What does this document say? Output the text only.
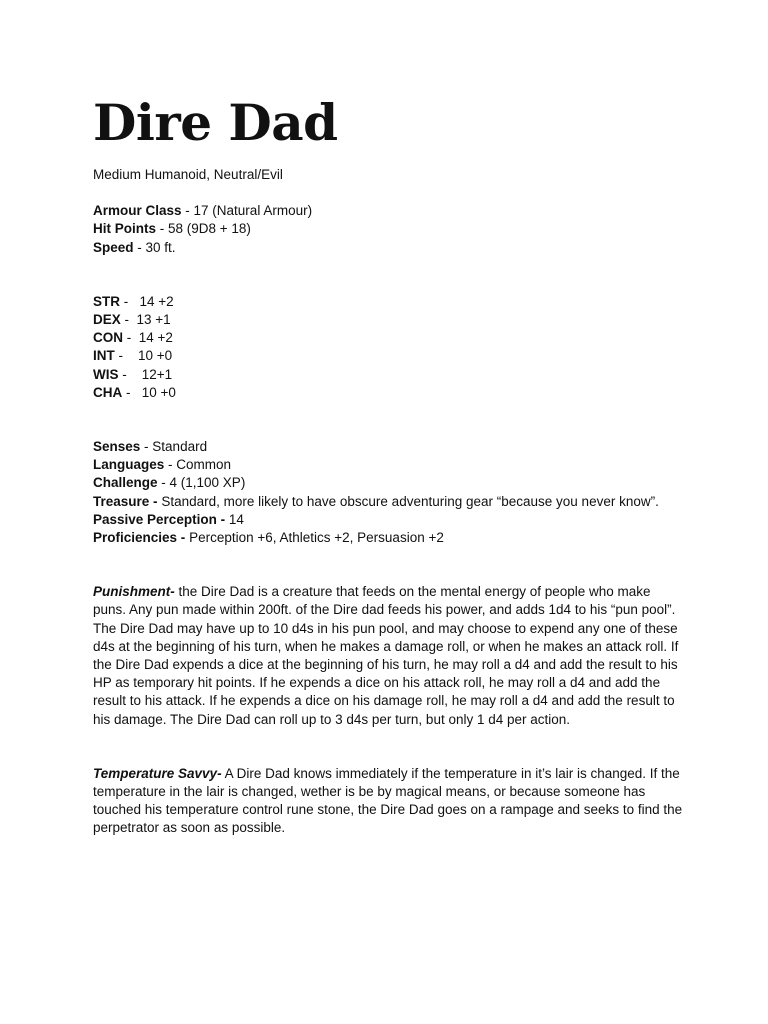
Dire Dad
Medium Humanoid, Neutral/Evil
Armour Class - 17 (Natural Armour)
Hit Points - 58 (9D8 + 18)
Speed - 30 ft.
STR -   14 +2
DEX -  13 +1
CON -  14 +2
INT -    10 +0
WIS -    12+1
CHA -   10 +0
Senses - Standard
Languages - Common
Challenge - 4 (1,100 XP)
Treasure - Standard, more likely to have obscure adventuring gear “because you never know”.
Passive Perception - 14
Proficiencies - Perception +6, Athletics +2, Persuasion +2

Punishment- the Dire Dad is a creature that feeds on the mental energy of people who make puns. Any pun made within 200ft. of the Dire dad feeds his power, and adds 1d4 to his “pun pool”. The Dire Dad may have up to 10 d4s in his pun pool, and may choose to expend any one of these d4s at the beginning of his turn, when he makes a damage roll, or when he makes an attack roll. If the Dire Dad expends a dice at the beginning of his turn, he may roll a d4 and add the result to his HP as temporary hit points. If he expends a dice on his attack roll, he may roll a d4 and add the result to his attack. If he expends a dice on his damage roll, he may roll a d4 and add the result to his damage. The Dire Dad can roll up to 3 d4s per turn, but only 1 d4 per action.

Temperature Savvy- A Dire Dad knows immediately if the temperature in it’s lair is changed. If the temperature in the lair is changed, wether is be by magical means, or because someone has touched his temperature control rune stone, the Dire Dad goes on a rampage and seeks to find the perpetrator as soon as possible.
